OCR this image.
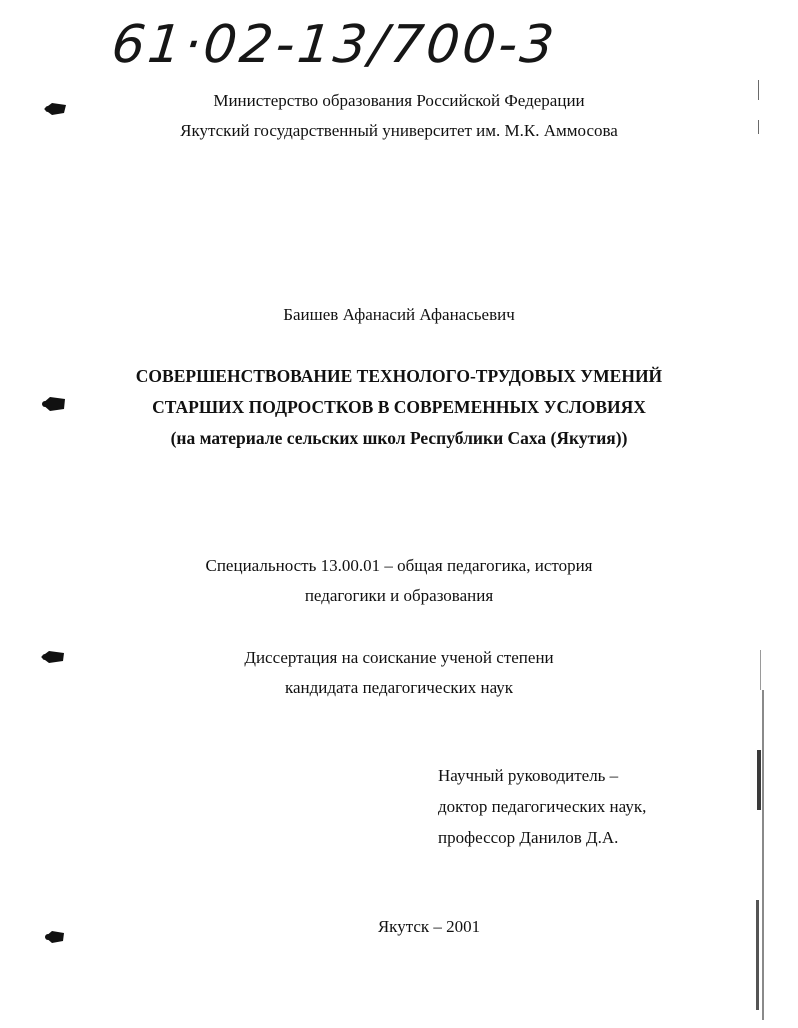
61·02-13/700-3
Министерство образования Российской Федерации
Якутский государственный университет им. М.К. Аммосова
Баишев Афанасий Афанасьевич
СОВЕРШЕНСТВОВАНИЕ ТЕХНОЛОГО-ТРУДОВЫХ УМЕНИЙ
СТАРШИХ ПОДРОСТКОВ В СОВРЕМЕННЫХ УСЛОВИЯХ
(на материале сельских школ Республики Саха (Якутия))
Специальность 13.00.01 – общая педагогика, история
педагогики и образования
Диссертация на соискание ученой степени
кандидата педагогических наук
Научный руководитель –
доктор педагогических наук,
профессор Данилов Д.А.
Якутск – 2001
